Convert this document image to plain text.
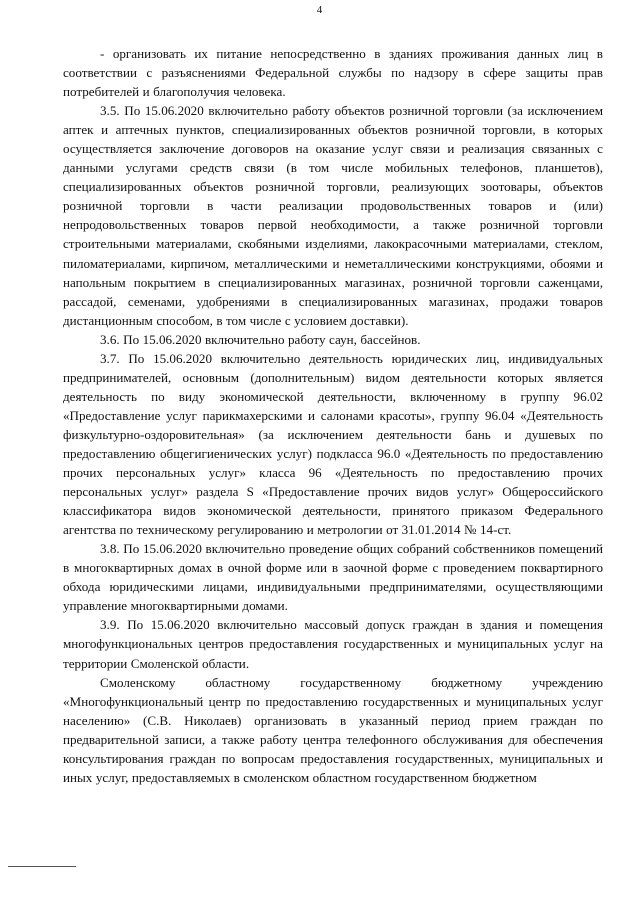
4

- организовать их питание непосредственно в зданиях проживания данных лиц в соответствии с разъяснениями Федеральной службы по надзору в сфере защиты прав потребителей и благополучия человека.

3.5. По 15.06.2020 включительно работу объектов розничной торговли (за исключением аптек и аптечных пунктов, специализированных объектов розничной торговли, в которых осуществляется заключение договоров на оказание услуг связи и реализация связанных с данными услугами средств связи (в том числе мобильных телефонов, планшетов), специализированных объектов розничной торговли, реализующих зоотовары, объектов розничной торговли в части реализации продовольственных товаров и (или) непродовольственных товаров первой необходимости, а также розничной торговли строительными материалами, скобяными изделиями, лакокрасочными материалами, стеклом, пиломатериалами, кирпичом, металлическими и неметаллическими конструкциями, обоями и напольным покрытием в специализированных магазинах, розничной торговли саженцами, рассадой, семенами, удобрениями в специализированных магазинах, продажи товаров дистанционным способом, в том числе с условием доставки).

3.6. По 15.06.2020 включительно работу саун, бассейнов.

3.7. По 15.06.2020 включительно деятельность юридических лиц, индивидуальных предпринимателей, основным (дополнительным) видом деятельности которых является деятельность по виду экономической деятельности, включенному в группу 96.02 «Предоставление услуг парикмахерскими и салонами красоты», группу 96.04 «Деятельность физкультурно-оздоровительная» (за исключением деятельности бань и душевых по предоставлению общегигиенических услуг) подкласса 96.0 «Деятельность по предоставлению прочих персональных услуг» класса 96 «Деятельность по предоставлению прочих персональных услуг» раздела S «Предоставление прочих видов услуг» Общероссийского классификатора видов экономической деятельности, принятого приказом Федерального агентства по техническому регулированию и метрологии от 31.01.2014 № 14-ст.

3.8. По 15.06.2020 включительно проведение общих собраний собственников помещений в многоквартирных домах в очной форме или в заочной форме с проведением поквартирного обхода юридическими лицами, индивидуальными предпринимателями, осуществляющими управление многоквартирными домами.

3.9. По 15.06.2020 включительно массовый допуск граждан в здания и помещения многофункциональных центров предоставления государственных и муниципальных услуг на территории Смоленской области.

Смоленскому областному государственному бюджетному учреждению «Многофункциональный центр по предоставлению государственных и муниципальных услуг населению» (С.В. Николаев) организовать в указанный период прием граждан по предварительной записи, а также работу центра телефонного обслуживания для обеспечения консультирования граждан по вопросам предоставления государственных, муниципальных и иных услуг, предоставляемых в смоленском областном государственном бюджетном
